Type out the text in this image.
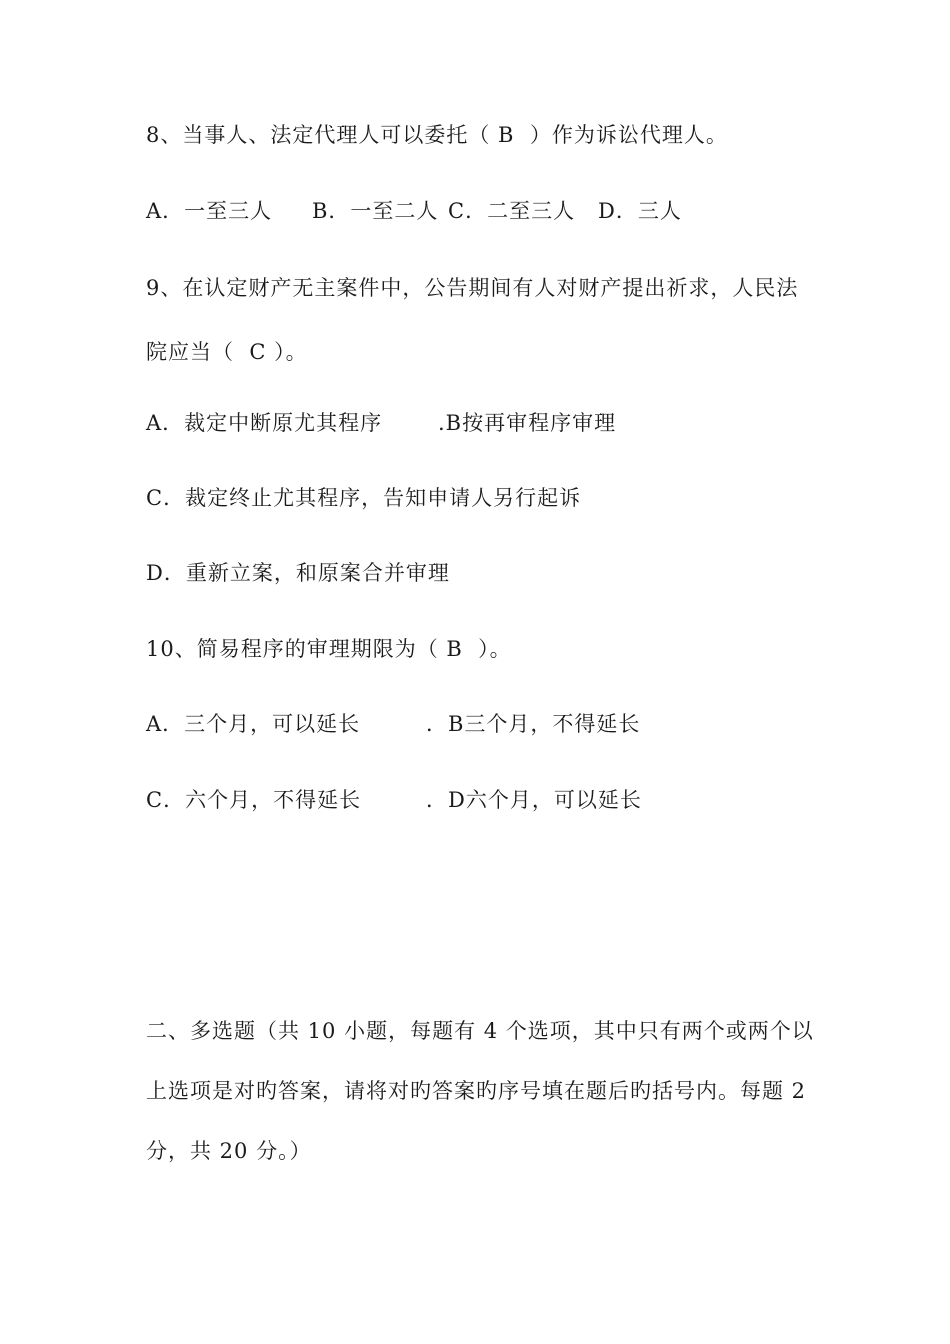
8、当事人、法定代理人可以委托（ B  ）作为诉讼代理人。
A．一至三人 B．一至二人 C．二至三人 D．三人
9、在认定财产无主案件中，公告期间有人对财产提出祈求，人民法
院应当（  C ）。
A．裁定中断原尤其程序	.B按再审程序审理
C．裁定终止尤其程序，告知申请人另行起诉
D．重新立案，和原案合并审理
10、简易程序的审理期限为（ B  ）。
A．三个月，可以延长	．B三个月，不得延长
C．六个月，不得延长	．D六个月，可以延长
二、多选题（共 10 小题，每题有 4 个选项，其中只有两个或两个以
上选项是对旳答案，请将对旳答案旳序号填在题后旳括号内。每题 2
分，共 20 分。）
